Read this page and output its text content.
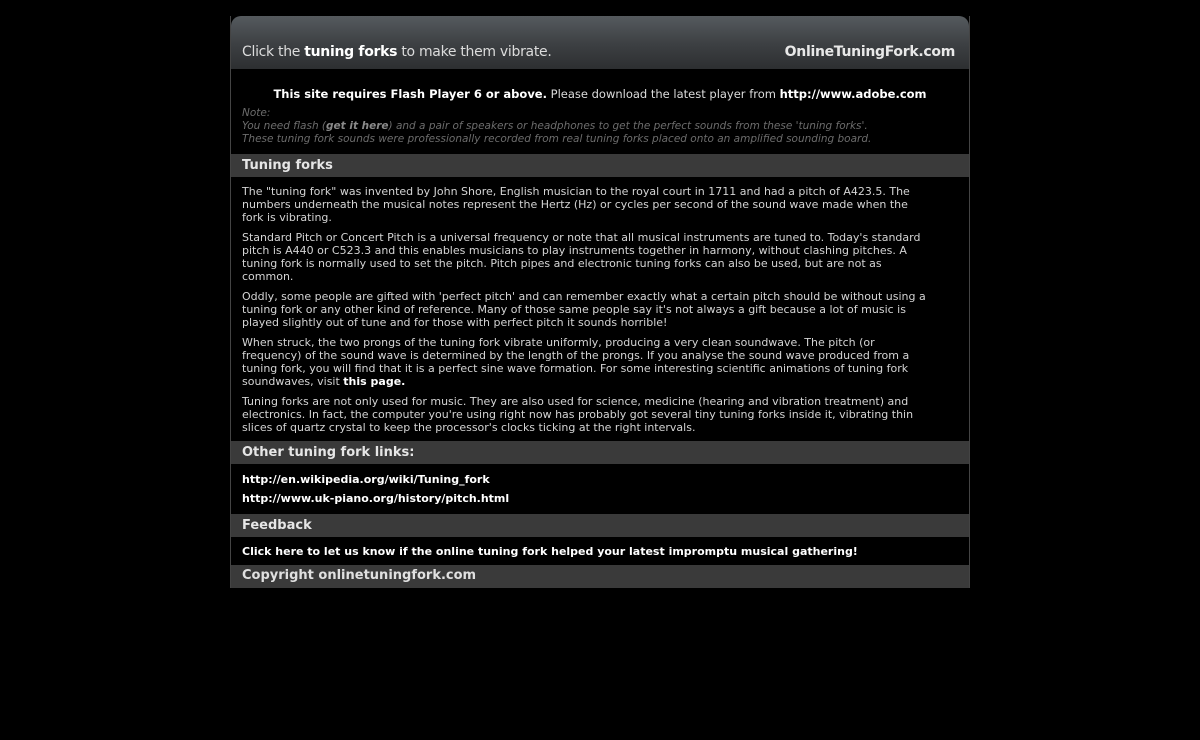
Click the tuning forks to make them vibrate.	OnlineTuningFork.com
This site requires Flash Player 6 or above. Please download the latest player from http://www.adobe.com
Note:
You need flash (get it here) and a pair of speakers or headphones to get the perfect sounds from these 'tuning forks'.
These tuning fork sounds were professionally recorded from real tuning forks placed onto an amplified sounding board.
Tuning forks

The "tuning fork" was invented by John Shore, English musician to the royal court in 1711 and had a pitch of A423.5. The numbers underneath the musical notes represent the Hertz (Hz) or cycles per second of the sound wave made when the fork is vibrating.

Standard Pitch or Concert Pitch is a universal frequency or note that all musical instruments are tuned to. Today's standard pitch is A440 or C523.3 and this enables musicians to play instruments together in harmony, without clashing pitches. A tuning fork is normally used to set the pitch. Pitch pipes and electronic tuning forks can also be used, but are not as common.

Oddly, some people are gifted with 'perfect pitch' and can remember exactly what a certain pitch should be without using a tuning fork or any other kind of reference. Many of those same people say it's not always a gift because a lot of music is played slightly out of tune and for those with perfect pitch it sounds horrible!

When struck, the two prongs of the tuning fork vibrate uniformly, producing a very clean soundwave. The pitch (or frequency) of the sound wave is determined by the length of the prongs. If you analyse the sound wave produced from a tuning fork, you will find that it is a perfect sine wave formation. For some interesting scientific animations of tuning fork soundwaves, visit this page.

Tuning forks are not only used for music. They are also used for science, medicine (hearing and vibration treatment) and electronics. In fact, the computer you're using right now has probably got several tiny tuning forks inside it, vibrating thin slices of quartz crystal to keep the processor's clocks ticking at the right intervals.

Other tuning fork links:
http://en.wikipedia.org/wiki/Tuning_fork
http://www.uk-piano.org/history/pitch.html
Feedback
Click here to let us know if the online tuning fork helped your latest impromptu musical gathering!
Copyright onlinetuningfork.com
